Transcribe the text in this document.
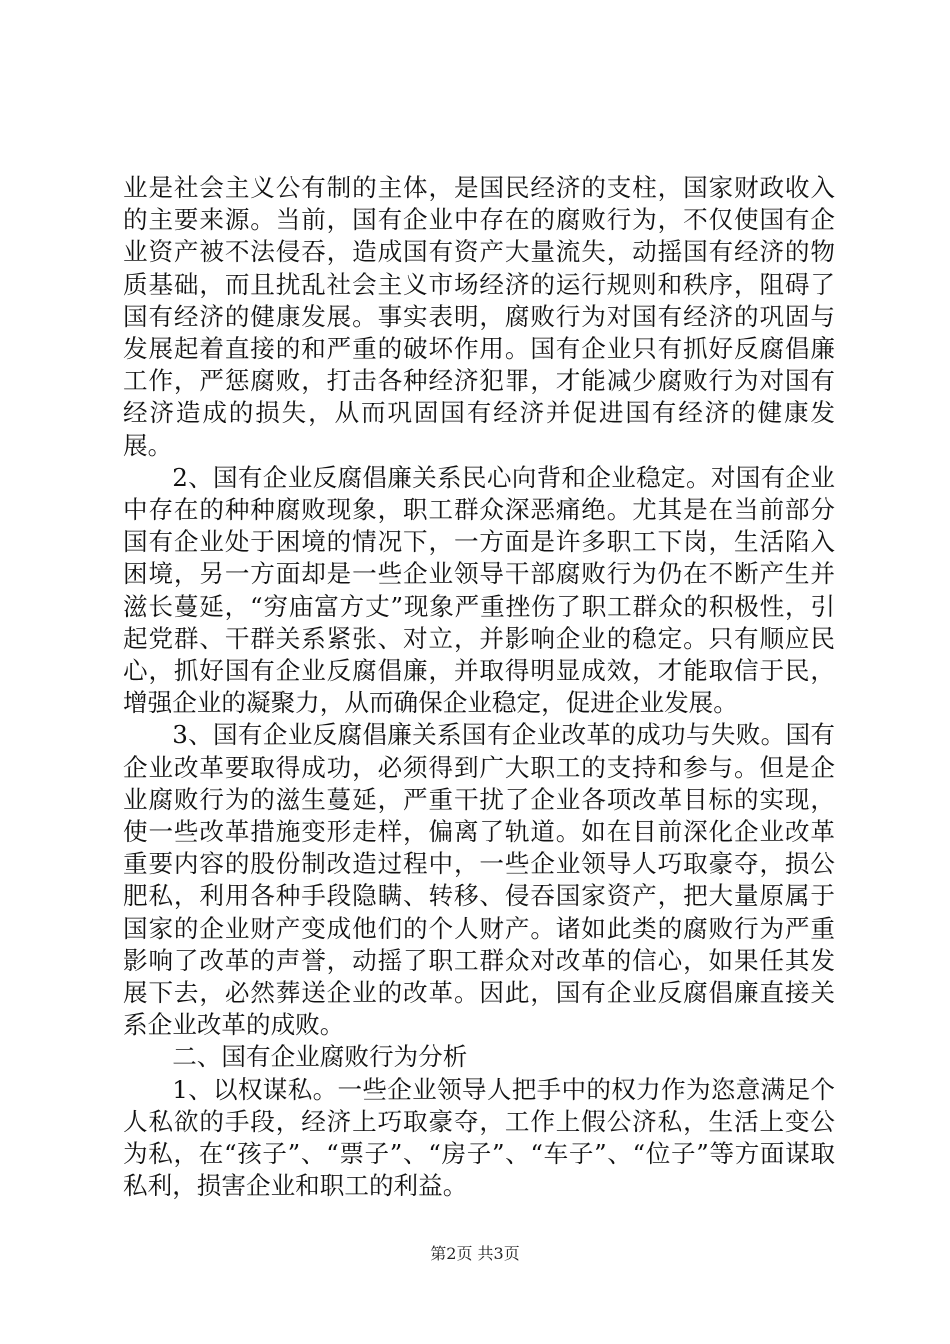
业是社会主义公有制的主体，是国民经济的支柱，国家财政收入的主要来源。当前，国有企业中存在的腐败行为，不仅使国有企业资产被不法侵吞，造成国有资产大量流失，动摇国有经济的物质基础，而且扰乱社会主义市场经济的运行规则和秩序，阻碍了国有经济的健康发展。事实表明，腐败行为对国有经济的巩固与发展起着直接的和严重的破坏作用。国有企业只有抓好反腐倡廉工作，严惩腐败，打击各种经济犯罪，才能减少腐败行为对国有经济造成的损失，从而巩固国有经济并促进国有经济的健康发展。

2、国有企业反腐倡廉关系民心向背和企业稳定。对国有企业中存在的种种腐败现象，职工群众深恶痛绝。尤其是在当前部分国有企业处于困境的情况下，一方面是许多职工下岗，生活陷入困境，另一方面却是一些企业领导干部腐败行为仍在不断产生并滋长蔓延，“穷庙富方丈”现象严重挫伤了职工群众的积极性，引起党群、干群关系紧张、对立，并影响企业的稳定。只有顺应民心，抓好国有企业反腐倡廉，并取得明显成效，才能取信于民，增强企业的凝聚力，从而确保企业稳定，促进企业发展。

3、国有企业反腐倡廉关系国有企业改革的成功与失败。国有企业改革要取得成功，必须得到广大职工的支持和参与。但是企业腐败行为的滋生蔓延，严重干扰了企业各项改革目标的实现，使一些改革措施变形走样，偏离了轨道。如在目前深化企业改革重要内容的股份制改造过程中，一些企业领导人巧取豪夺，损公肥私，利用各种手段隐瞒、转移、侵吞国家资产，把大量原属于国家的企业财产变成他们的个人财产。诸如此类的腐败行为严重影响了改革的声誉，动摇了职工群众对改革的信心，如果任其发展下去，必然葬送企业的改革。因此，国有企业反腐倡廉直接关系企业改革的成败。

二、国有企业腐败行为分析

1、以权谋私。一些企业领导人把手中的权力作为恣意满足个人私欲的手段，经济上巧取豪夺，工作上假公济私，生活上变公为私，在“孩子”、“票子”、“房子”、“车子”、“位子”等方面谋取私利，损害企业和职工的利益。

第2页 共3页
